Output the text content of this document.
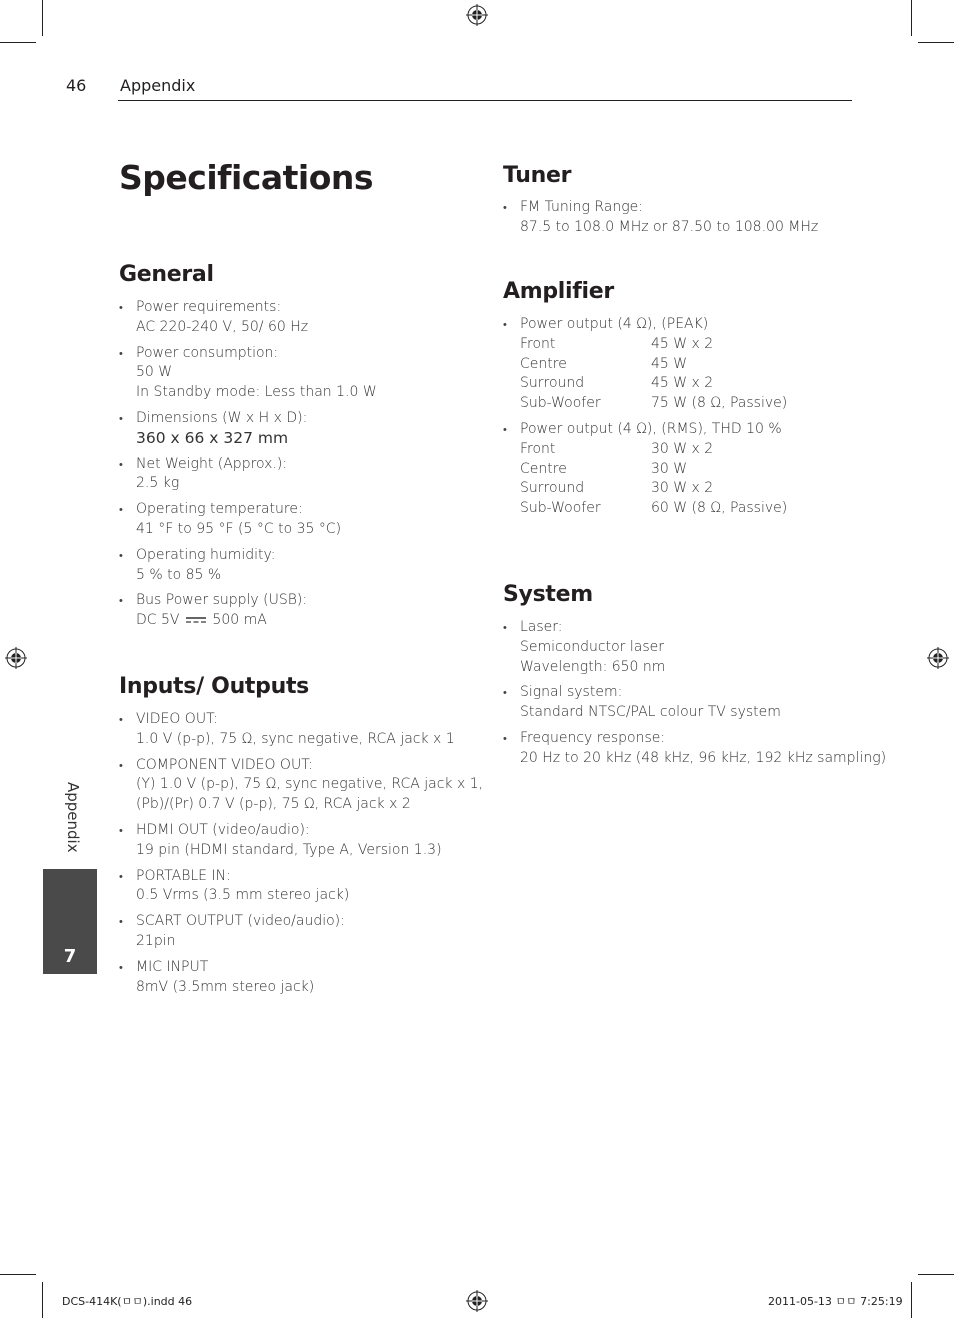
46 Appendix
Specifications
General
• Power requirements:
AC 220-240 V, 50/ 60 Hz
• Power consumption:
50 W
In Standby mode: Less than 1.0 W
• Dimensions (W x H x D):
360 x 66 x 327 mm
• Net Weight (Approx.):
2.5 kg
• Operating temperature:
41 °F to 95 °F (5 °C to 35 °C)
• Operating humidity:
5 % to 85 %
• Bus Power supply (USB):
DC 5V 500 mA
Inputs/ Outputs
• VIDEO OUT:
1.0 V (p-p), 75 Ω, sync negative, RCA jack x 1
• COMPONENT VIDEO OUT:
(Y) 1.0 V (p-p), 75 Ω, sync negative, RCA jack x 1,
(Pb)/(Pr) 0.7 V (p-p), 75 Ω, RCA jack x 2
• HDMI OUT (video/audio):
19 pin (HDMI standard, Type A, Version 1.3)
• PORTABLE IN:
0.5 Vrms (3.5 mm stereo jack)
• SCART OUTPUT (video/audio):
21pin
• MIC INPUT
8mV (3.5mm stereo jack)
Tuner
• FM Tuning Range:
87.5 to 108.0 MHz or 87.50 to 108.00 MHz
Amplifier
• Power output (4 Ω), (PEAK)
Front	45 W x 2
Centre	45 W
Surround	45 W x 2
Sub-Woofer	75 W (8 Ω, Passive)
• Power output (4 Ω), (RMS), THD 10 %
Front	30 W x 2
Centre	30 W
Surround	30 W x 2
Sub-Woofer	60 W (8 Ω, Passive)
System
• Laser:
Semiconductor laser
Wavelength: 650 nm
• Signal system:
Standard NTSC/PAL colour TV system
• Frequency response:
20 Hz to 20 kHz (48 kHz, 96 kHz, 192 kHz sampling)
Appendix
7
DCS-414K(ㅁㅁ).indd 46	2011-05-13 ㅁㅁ 7:25:19
